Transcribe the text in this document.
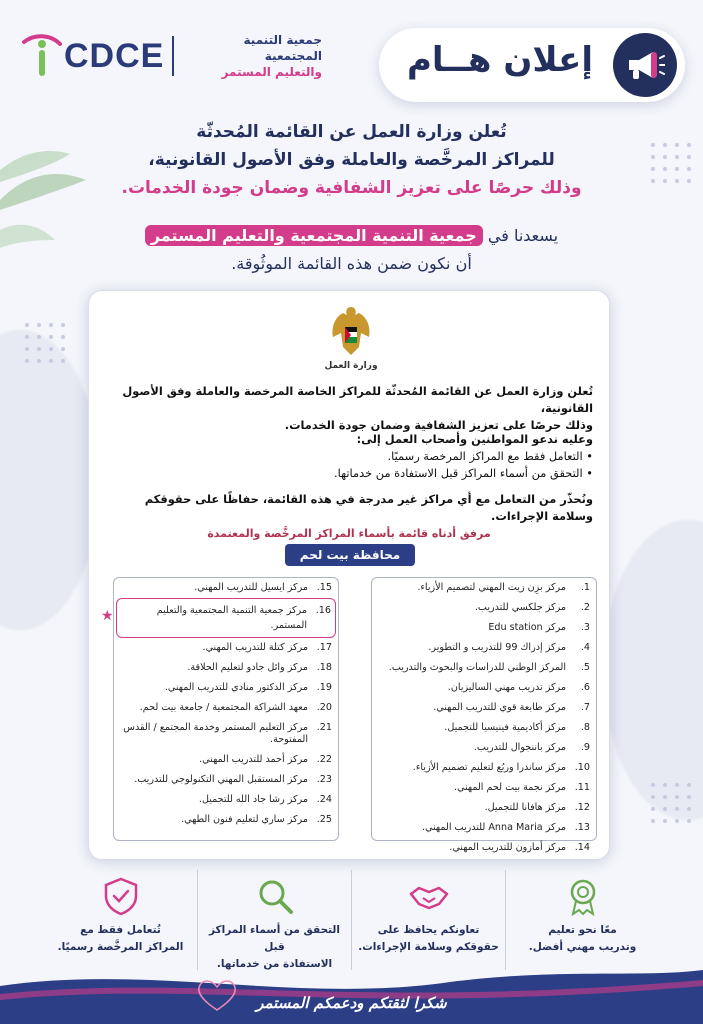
CDCE	جمعية التنمية المجتمعية
والتعليم المستمر	إعلان هــام
تُعلن وزارة العمل عن القائمة المُحدثّة
للمراكز المرخَّصة والعاملة وفق الأصول القانونية،
وذلك حرصًا على تعزيز الشفافية وضمان جودة الخدمات.
يسعدنا في جمعية التنمية المجتمعية والتعليم المستمر
أن نكون ضمن هذه القائمة الموثُوقة.
وزارة العمل
تُعلن وزارة العمل عن القائمة المُحدثّة للمراكز الخاصة المرخصة والعاملة وفق الأصول القانونية،
وذلك حرصًا على تعزيز الشفافية وضمان جودة الخدمات.
وعليه ندعو المواطنين وأصحاب العمل إلى:
• التعامل فقط مع المراكز المرخصة رسميًا.
• التحقق من أسماء المراكز قبل الاستفادة من خدماتها.
ونُحذّر من التعامل مع أي مراكز غير مدرجة في هذه القائمة، حفاظًا على حقوقكم وسلامة الإجراءات.
مرفق أدناه قائمة بأسماء المراكز المرخَّصة والمعتمدة
محافظة بيت لحم
1.
مركز بزِن زيت المهني لتصميم الأزياء.
2.
مركز جلكسي للتدريب.
3.
مركز Edu station
4.
مركز إدراك 99 للتدريب و التطوير.
5.
المركز الوطني للدراسات والبحوث والتدريب.
6.
مركز تدريب مهني الساليزيان.
7.
مركز طابعة قوي للتدريب المهني.
8.
مركز أكاديمية فينيسيا للتجميل.
9.
مركز باننجوال للتدريب.
10.
مركز ساندرا وربُع لتعليم تصميم الأزياء.
11.
مركز نجمة بيت لحم المهني.
12.
مركز هافانا للتجميل.
13.
مركز Anna Maria للتدريب المهني.
14.
مركز أمازون للتدريب المهني.
15.
مركز ايسيل للتدريب المهني.
16.
مركز جمعية التنمية المجتمعية والتعليم المستمر.
★
17.
مركز كتلة للتدريب المهني.
18.
مركز وائل جادو لتعليم الحلاقة.
19.
مركز الدكتور منادي للتدريب المهني.
20.
معهد الشراكة المجتمعية / جامعة بيت لحم.
21.
مركز التعليم المستمر وخدمة المجتمع / القدس المفتوحة.
22.
مركز أحمد للتدريب المهني.
23.
مركز المستقبل المهني التكنولوجي للتدريب.
24.
مركز رشا جاد الله للتجميل.
25.
مركز ساري لتعليم فنون الطهي.
معًا نحو تعليم
وتدريب مهني أفضل.
تعاونكم يحافظ على
حقوقكم وسلامة الإجراءات.
التحقق من أسماء المراكز قبل
الاستفادة من خدماتها.
تُتعامل فقط مع
المراكز المرخَّصة رسميًا.
شكرا لثقتكم ودعمكم المستمر
